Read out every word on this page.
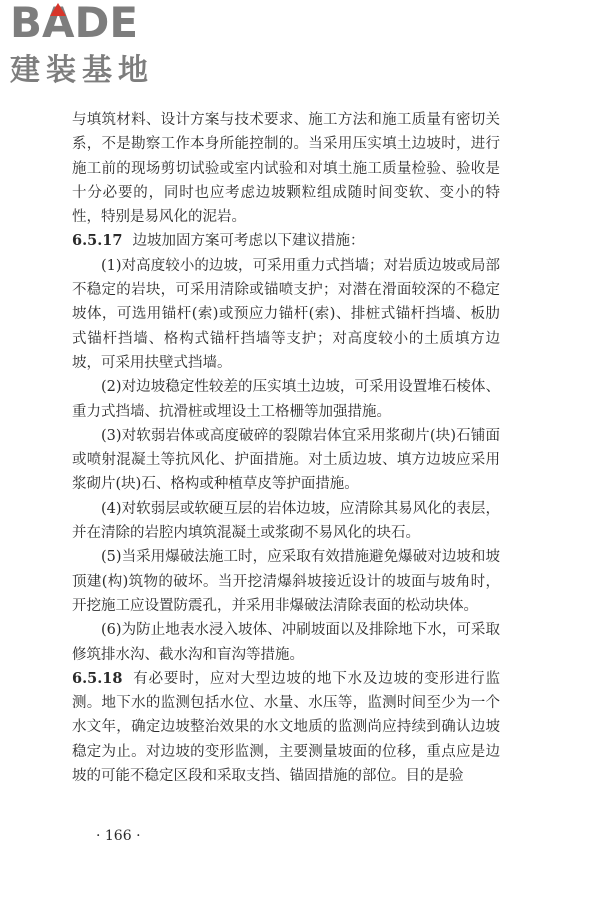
BA
DE
建装基地

与填筑材料、设计方案与技术要求、施工方法和施工质量有密切关系，不是勘察工作本身所能控制的。当采用压实填土边坡时，进行施工前的现场剪切试验或室内试验和对填土施工质量检验、验收是十分必要的，同时也应考虑边坡颗粒组成随时间变软、变小的特性，特别是易风化的泥岩。

6.5.17 边坡加固方案可考虑以下建议措施：

(1)对高度较小的边坡，可采用重力式挡墙；对岩质边坡或局部不稳定的岩块，可采用清除或锚喷支护；对潜在滑面较深的不稳定坡体，可选用锚杆(索)或预应力锚杆(索)、排桩式锚杆挡墙、板肋式锚杆挡墙、格构式锚杆挡墙等支护；对高度较小的土质填方边坡，可采用扶壁式挡墙。

(2)对边坡稳定性较差的压实填土边坡，可采用设置堆石棱体、重力式挡墙、抗滑桩或埋设土工格栅等加强措施。

(3)对软弱岩体或高度破碎的裂隙岩体宜采用浆砌片(块)石铺面或喷射混凝土等抗风化、护面措施。对土质边坡、填方边坡应采用浆砌片(块)石、格构或种植草皮等护面措施。

(4)对软弱层或软硬互层的岩体边坡，应清除其易风化的表层，并在清除的岩腔内填筑混凝土或浆砌不易风化的块石。

(5)当采用爆破法施工时，应采取有效措施避免爆破对边坡和坡顶建(构)筑物的破坏。当开挖清爆斜坡接近设计的坡面与坡角时，开挖施工应设置防震孔，并采用非爆破法清除表面的松动块体。

(6)为防止地表水浸入坡体、冲刷坡面以及排除地下水，可采取修筑排水沟、截水沟和盲沟等措施。

6.5.18 有必要时，应对大型边坡的地下水及边坡的变形进行监测。地下水的监测包括水位、水量、水压等，监测时间至少为一个水文年，确定边坡整治效果的水文地质的监测尚应持续到确认边坡稳定为止。对边坡的变形监测，主要测量坡面的位移，重点应是边坡的可能不稳定区段和采取支挡、锚固措施的部位。目的是验

· 166 ·
